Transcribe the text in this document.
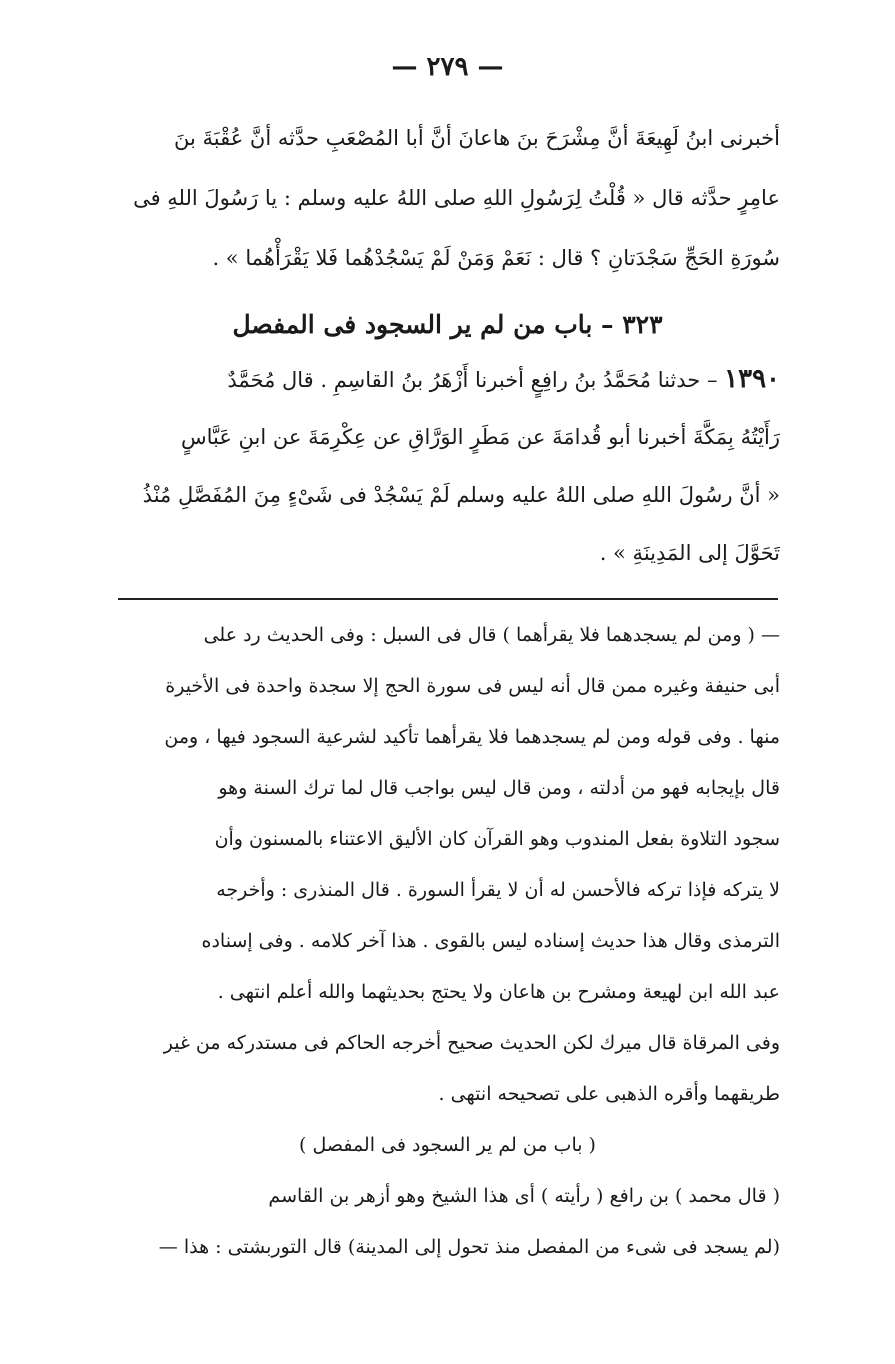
— ٢٧٩ —
أخبرنى ابنُ لَهِيعَةَ أنَّ مِشْرَحَ بنَ هاعانَ أنَّ أبا المُصْعَبِ حدَّثه أنَّ عُقْبَةَ بنَ
عامِرٍ حدَّثه قال « قُلْتُ لِرَسُولِ اللهِ صلى اللهُ عليه وسلم : يا رَسُولَ اللهِ فى
سُورَةِ الحَجِّ سَجْدَتانِ ؟ قال : نَعَمْ وَمَنْ لَمْ يَسْجُدْهُما فَلا يَقْرَأْهُما » .
٣٢٣ – باب من لم ير السجود فى المفصل
١٣٩٠ – حدثنا مُحَمَّدُ بنُ رافِعٍ أخبرنا أَزْهَرُ بنُ القاسِمِ . قال مُحَمَّدٌ
رَأَيْتُهُ بِمَكَّةَ أخبرنا أبو قُدامَةَ عن مَطَرٍ الوَرَّاقِ عن عِكْرِمَةَ عن ابنِ عَبَّاسٍ
« أنَّ رسُولَ اللهِ صلى اللهُ عليه وسلم لَمْ يَسْجُدْ فى شَىْءٍ مِنَ المُفَصَّلِ مُنْذُ
تَحَوَّلَ إلى المَدِينَةِ » .
— ( ومن لم يسجدهما فلا يقرأهما ) قال فى السبل : وفى الحديث رد على
أبى حنيفة وغيره ممن قال أنه ليس فى سورة الحج إلا سجدة واحدة فى الأخيرة
منها . وفى قوله ومن لم يسجدهما فلا يقرأهما تأكيد لشرعية السجود فيها ، ومن
قال بإيجابه فهو من أدلته ، ومن قال ليس بواجب قال لما ترك السنة وهو
سجود التلاوة بفعل المندوب وهو القرآن كان الأليق الاعتناء بالمسنون وأن
لا يتركه فإذا تركه فالأحسن له أن لا يقرأ السورة . قال المنذرى : وأخرجه
الترمذى وقال هذا حديث إسناده ليس بالقوى . هذا آخر كلامه . وفى إسناده
عبد الله ابن لهيعة ومشرح بن هاعان ولا يحتج بحديثهما والله أعلم انتهى .
وفى المرقاة قال ميرك لكن الحديث صحيح أخرجه الحاكم فى مستدركه من غير
طريقهما وأقره الذهبى على تصحيحه انتهى .
( باب من لم ير السجود فى المفصل )
( قال محمد ) بن رافع ( رأيته ) أى هذا الشيخ وهو أزهر بن القاسم
(لم يسجد فى شىء من المفصل منذ تحول إلى المدينة) قال التوربشتى : هذا —
